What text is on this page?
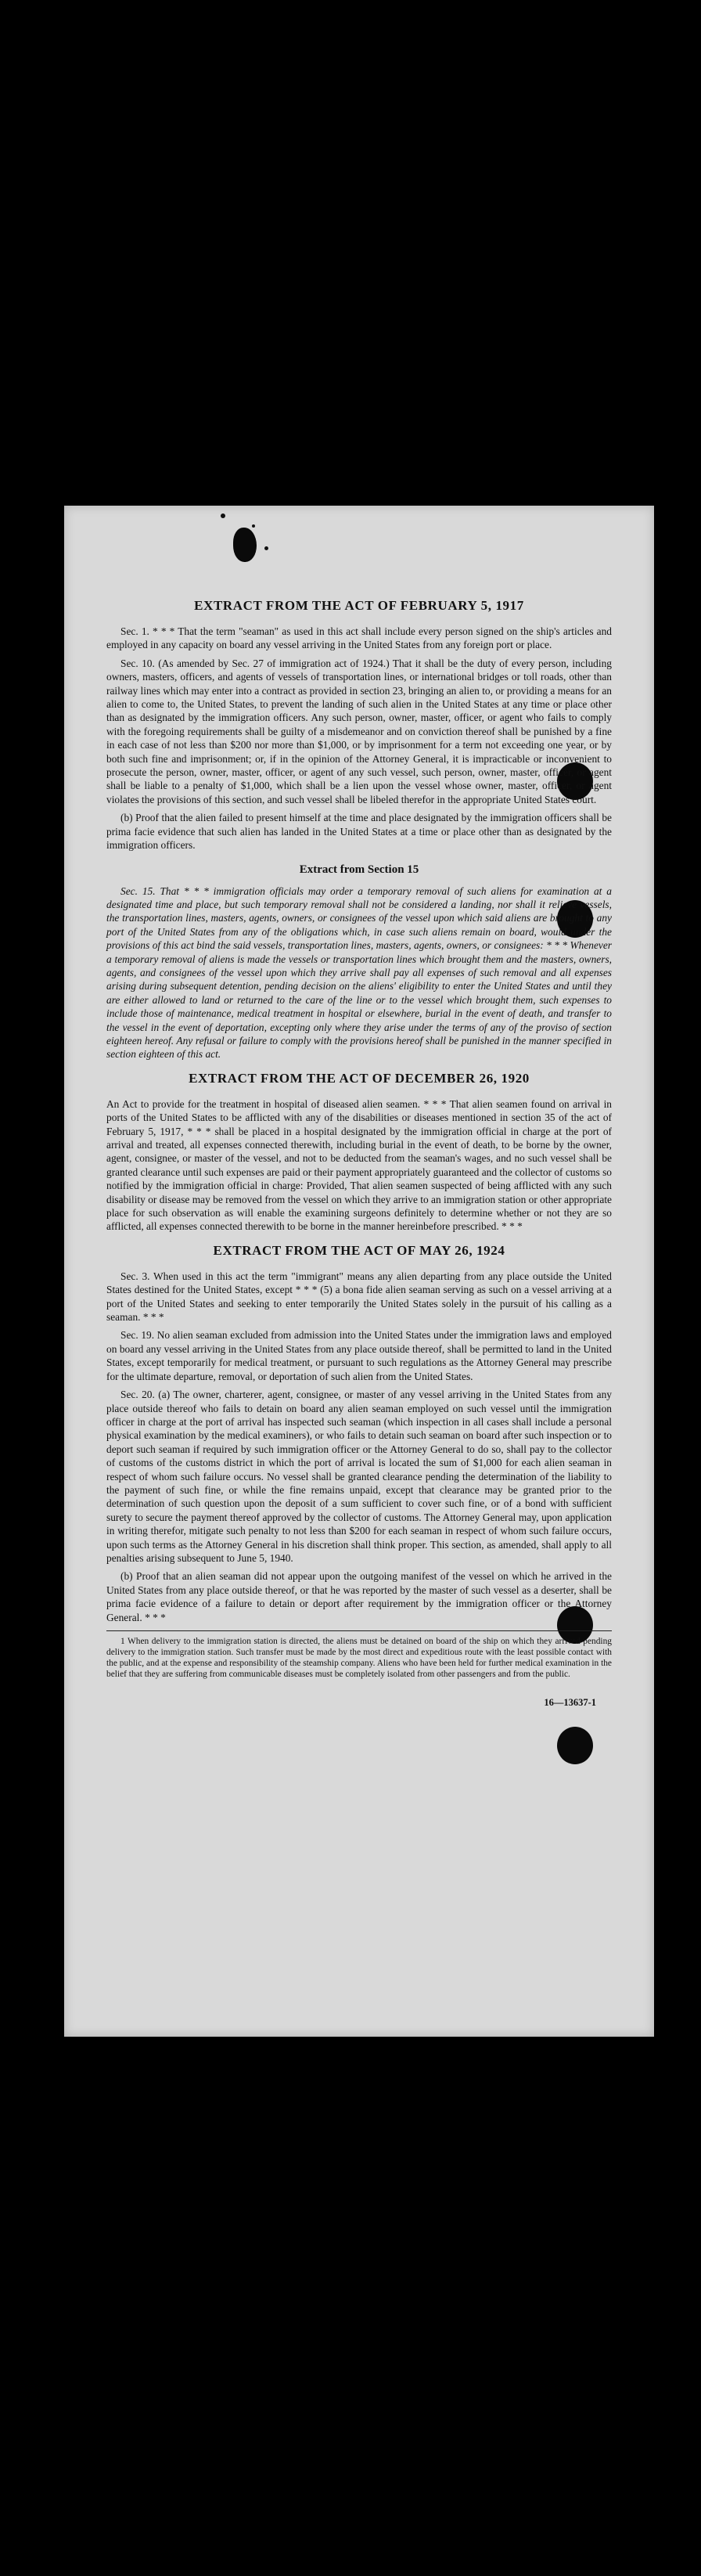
EXTRACT FROM THE ACT OF FEBRUARY 5, 1917

Sec. 1. * * * That the term "seaman" as used in this act shall include every person signed on the ship's articles and employed in any capacity on board any vessel arriving in the United States from any foreign port or place.

Sec. 10. (As amended by Sec. 27 of immigration act of 1924.) That it shall be the duty of every person, including owners, masters, officers, and agents of vessels of transportation lines, or international bridges or toll roads, other than railway lines which may enter into a contract as provided in section 23, bringing an alien to, or providing a means for an alien to come to, the United States, to prevent the landing of such alien in the United States at any time or place other than as designated by the immigration officers. Any such person, owner, master, officer, or agent who fails to comply with the foregoing requirements shall be guilty of a misdemeanor and on conviction thereof shall be punished by a fine in each case of not less than $200 nor more than $1,000, or by imprisonment for a term not exceeding one year, or by both such fine and imprisonment; or, if in the opinion of the Attorney General, it is impracticable or inconvenient to prosecute the person, owner, master, officer, or agent of any such vessel, such person, owner, master, officer, or agent shall be liable to a penalty of $1,000, which shall be a lien upon the vessel whose owner, master, officer, or agent violates the provisions of this section, and such vessel shall be libeled therefor in the appropriate United States court.

(b) Proof that the alien failed to present himself at the time and place designated by the immigration officers shall be prima facie evidence that such alien has landed in the United States at a time or place other than as designated by the immigration officers.

Extract from Section 15

Sec. 15. That * * * immigration officials may order a temporary removal of such aliens for examination at a designated time and place, but such temporary removal shall not be considered a landing, nor shall it relieve vessels, the transportation lines, masters, agents, owners, or consignees of the vessel upon which said aliens are brought to any port of the United States from any of the obligations which, in case such aliens remain on board, would under the provisions of this act bind the said vessels, transportation lines, masters, agents, owners, or consignees: * * * Whenever a temporary removal of aliens is made the vessels or transportation lines which brought them and the masters, owners, agents, and consignees of the vessel upon which they arrive shall pay all expenses of such removal and all expenses arising during subsequent detention, pending decision on the aliens' eligibility to enter the United States and until they are either allowed to land or returned to the care of the line or to the vessel which brought them, such expenses to include those of maintenance, medical treatment in hospital or elsewhere, burial in the event of death, and transfer to the vessel in the event of deportation, excepting only where they arise under the terms of any of the proviso of section eighteen hereof. Any refusal or failure to comply with the provisions hereof shall be punished in the manner specified in section eighteen of this act.

EXTRACT FROM THE ACT OF DECEMBER 26, 1920

An Act to provide for the treatment in hospital of diseased alien seamen. * * * That alien seamen found on arrival in ports of the United States to be afflicted with any of the disabilities or diseases mentioned in section 35 of the act of February 5, 1917, * * * shall be placed in a hospital designated by the immigration official in charge at the port of arrival and treated, all expenses connected therewith, including burial in the event of death, to be borne by the owner, agent, consignee, or master of the vessel, and not to be deducted from the seaman's wages, and no such vessel shall be granted clearance until such expenses are paid or their payment appropriately guaranteed and the collector of customs so notified by the immigration official in charge: Provided, That alien seamen suspected of being afflicted with any such disability or disease may be removed from the vessel on which they arrive to an immigration station or other appropriate place for such observation as will enable the examining surgeons definitely to determine whether or not they are so afflicted, all expenses connected therewith to be borne in the manner hereinbefore prescribed. * * *

EXTRACT FROM THE ACT OF MAY 26, 1924

Sec. 3. When used in this act the term "immigrant" means any alien departing from any place outside the United States destined for the United States, except * * * (5) a bona fide alien seaman serving as such on a vessel arriving at a port of the United States and seeking to enter temporarily the United States solely in the pursuit of his calling as a seaman. * * *

Sec. 19. No alien seaman excluded from admission into the United States under the immigration laws and employed on board any vessel arriving in the United States from any place outside thereof, shall be permitted to land in the United States, except temporarily for medical treatment, or pursuant to such regulations as the Attorney General may prescribe for the ultimate departure, removal, or deportation of such alien from the United States.

Sec. 20. (a) The owner, charterer, agent, consignee, or master of any vessel arriving in the United States from any place outside thereof who fails to detain on board any alien seaman employed on such vessel until the immigration officer in charge at the port of arrival has inspected such seaman (which inspection in all cases shall include a personal physical examination by the medical examiners), or who fails to detain such seaman on board after such inspection or to deport such seaman if required by such immigration officer or the Attorney General to do so, shall pay to the collector of customs of the customs district in which the port of arrival is located the sum of $1,000 for each alien seaman in respect of whom such failure occurs. No vessel shall be granted clearance pending the determination of the liability to the payment of such fine, or while the fine remains unpaid, except that clearance may be granted prior to the determination of such question upon the deposit of a sum sufficient to cover such fine, or of a bond with sufficient surety to secure the payment thereof approved by the collector of customs. The Attorney General may, upon application in writing therefor, mitigate such penalty to not less than $200 for each seaman in respect of whom such failure occurs, upon such terms as the Attorney General in his discretion shall think proper. This section, as amended, shall apply to all penalties arising subsequent to June 5, 1940.

(b) Proof that an alien seaman did not appear upon the outgoing manifest of the vessel on which he arrived in the United States from any place outside thereof, or that he was reported by the master of such vessel as a deserter, shall be prima facie evidence of a failure to detain or deport after requirement by the immigration officer or the Attorney General. * * *

1 When delivery to the immigration station is directed, the aliens must be detained on board of the ship on which they arrived pending delivery to the immigration station. Such transfer must be made by the most direct and expeditious route with the least possible contact with the public, and at the expense and responsibility of the steamship company. Aliens who have been held for further medical examination in the belief that they are suffering from communicable diseases must be completely isolated from other passengers and from the public.

16—13637-1
